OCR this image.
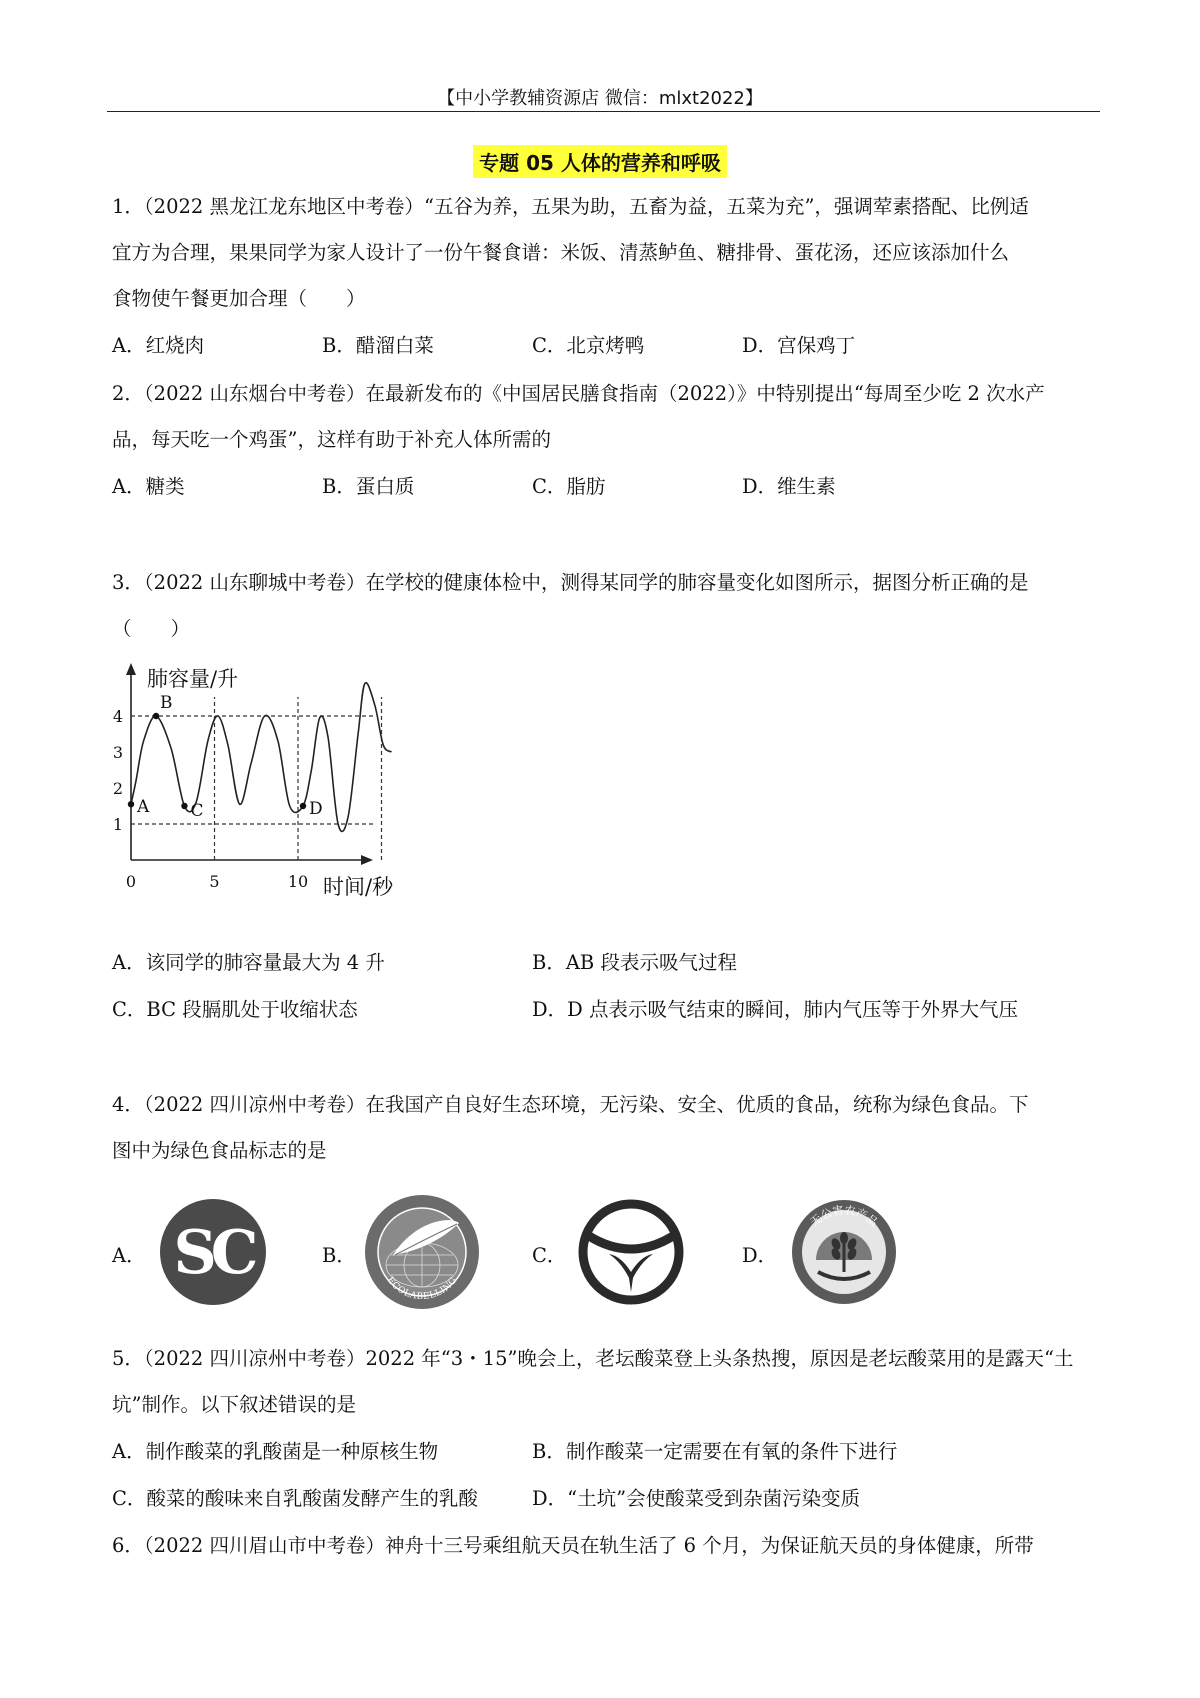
【中小学教辅资源店 微信：mlxt2022】
专题 05 人体的营养和呼吸
1．（2022 黑龙江龙东地区中考卷）“五谷为养，五果为助，五畜为益，五菜为充”，强调荤素搭配、比例适
宜方为合理，果果同学为家人设计了一份午餐食谱：米饭、清蒸鲈鱼、糖排骨、蛋花汤，还应该添加什么
食物使午餐更加合理（　　）
A．红烧肉	B．醋溜白菜	C．北京烤鸭	D．宫保鸡丁
2．（2022 山东烟台中考卷）在最新发布的《中国居民膳食指南（2022）》中特别提出“每周至少吃 2 次水产
品，每天吃一个鸡蛋”，这样有助于补充人体所需的
A．糖类	B．蛋白质	C．脂肪	D．维生素
3．（2022 山东聊城中考卷）在学校的健康体检中，测得某同学的肺容量变化如图所示，据图分析正确的是
（　　）
A
B
C	D
1
2
3
4
0	5	10
肺容量/升
时间/秒
A．该同学的肺容量最大为 4 升	B．AB 段表示吸气过程
C．BC 段膈肌处于收缩状态	D．D 点表示吸气结束的瞬间，肺内气压等于外界大气压
4．（2022 四川凉州中考卷）在我国产自良好生态环境，无污染、安全、优质的食品，统称为绿色食品。下
图中为绿色食品标志的是
A．	B．	C．	D．
SC	ECOLABELLING
无公害农产品
5．（2022 四川凉州中考卷）2022 年“3・15”晚会上，老坛酸菜登上头条热搜，原因是老坛酸菜用的是露天“土
坑”制作。以下叙述错误的是
A．制作酸菜的乳酸菌是一种原核生物	B．制作酸菜一定需要在有氧的条件下进行
C．酸菜的酸味来自乳酸菌发酵产生的乳酸	D．“土坑”会使酸菜受到杂菌污染变质
6．（2022 四川眉山市中考卷）神舟十三号乘组航天员在轨生活了 6 个月，为保证航天员的身体健康，所带
